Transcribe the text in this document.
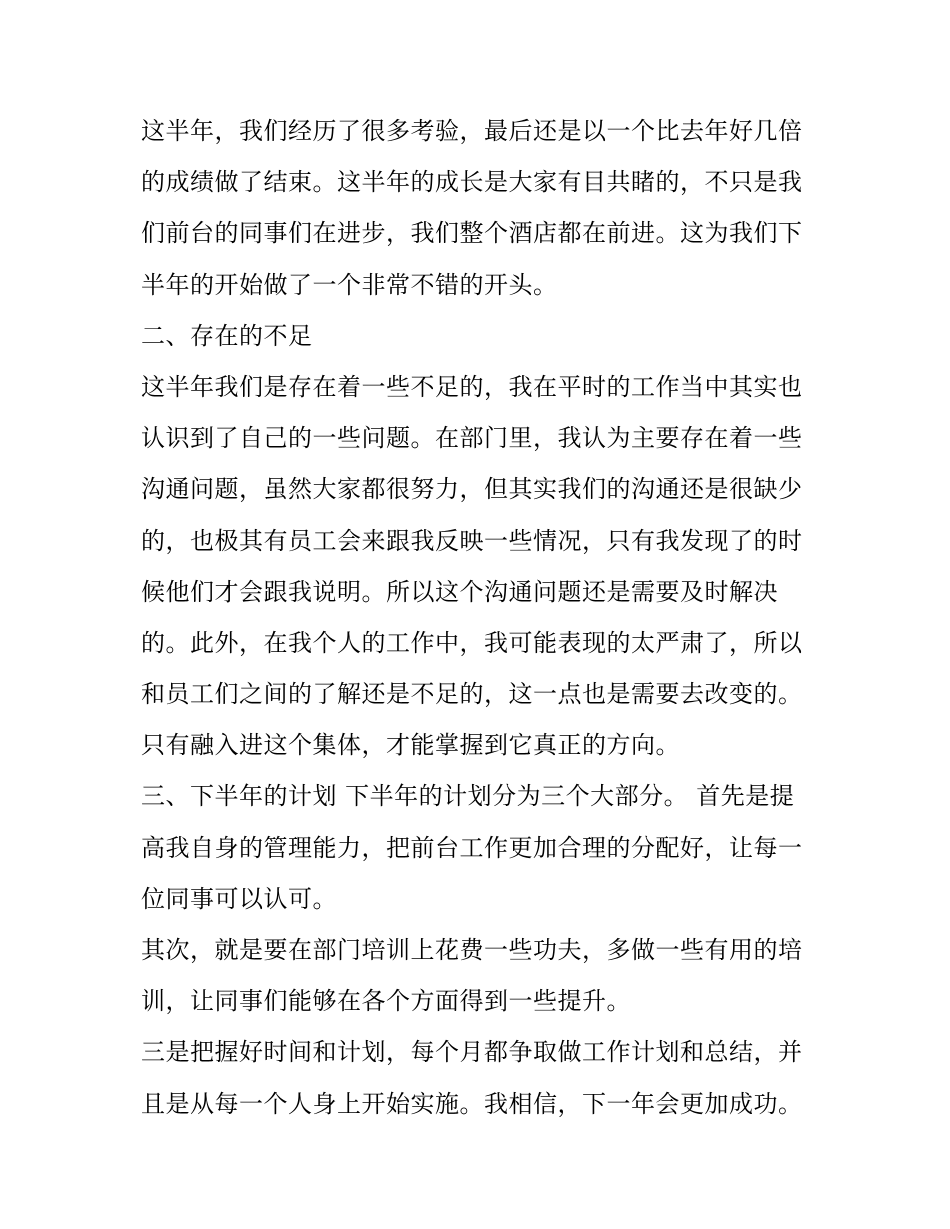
这半年，我们经历了很多考验，最后还是以一个比去年好几倍
的成绩做了结束。这半年的成长是大家有目共睹的，不只是我
们前台的同事们在进步，我们整个酒店都在前进。这为我们下
半年的开始做了一个非常不错的开头。
二、存在的不足
这半年我们是存在着一些不足的，我在平时的工作当中其实也
认识到了自己的一些问题。在部门里，我认为主要存在着一些
沟通问题，虽然大家都很努力，但其实我们的沟通还是很缺少
的，也极其有员工会来跟我反映一些情况，只有我发现了的时
候他们才会跟我说明。所以这个沟通问题还是需要及时解决
的。此外，在我个人的工作中，我可能表现的太严肃了，所以
和员工们之间的了解还是不足的，这一点也是需要去改变的。
只有融入进这个集体，才能掌握到它真正的方向。
三、下半年的计划 下半年的计划分为三个大部分。 首先是提
高我自身的管理能力，把前台工作更加合理的分配好，让每一
位同事可以认可。
其次，就是要在部门培训上花费一些功夫，多做一些有用的培
训，让同事们能够在各个方面得到一些提升。
三是把握好时间和计划，每个月都争取做工作计划和总结，并
且是从每一个人身上开始实施。我相信，下一年会更加成功。
